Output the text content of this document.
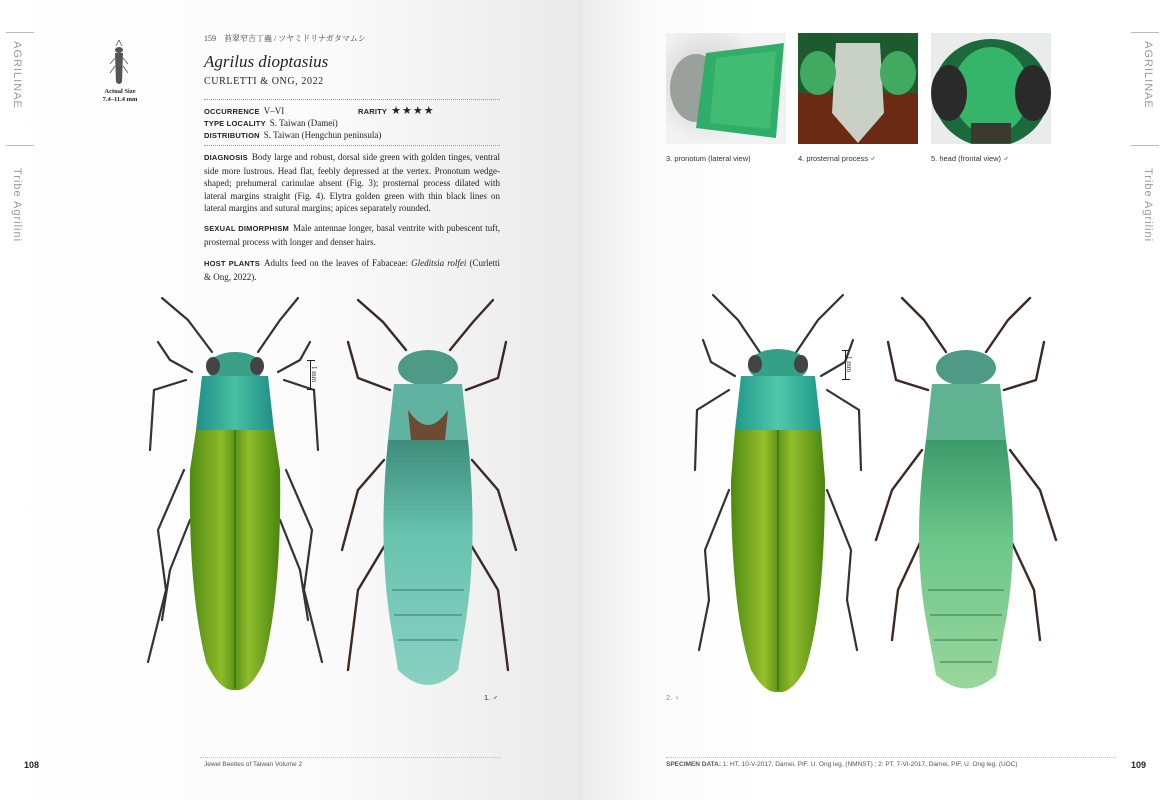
AGRILINAE
Tribe Agrilini
Actual Size
7.4–11.4 mm
159　苔翠窄吉丁蟲 / ツヤミドリナガタマムシ
Agrilus dioptasius
CURLETTI & ONG, 2022
OCCURRENCE V–VI	RARITY ★★★★
TYPE LOCALITY S. Taiwan (Damei)
DISTRIBUTION S. Taiwan (Hengchun peninsula)
DIAGNOSIS Body large and robust, dorsal side green with golden tinges, ventral side more lustrous. Head flat, feebly depressed at the vertex. Pronotum wedge-shaped; prehumeral carinulae absent (Fig. 3); prosternal process dilated with lateral margins straight (Fig. 4). Elytra golden green with thin black lines on lateral margins and sutural margins; apices separately rounded.
SEXUAL DIMORPHISM Male antennae longer, basal ventrite with pubescent tuft, prosternal process with longer and denser hairs.
HOST PLANTS Adults feed on the leaves of Fabaceae: Gleditsia rolfei (Curletti & Ong, 2022).
1 mm
1. ♂
108	Jewel Beetles of Taiwan Volume 2
AGRILINAE
Tribe Agrilini
3. pronotum (lateral view)	4. prosternal process ♂	5. head (frontal view) ♂
1 mm
2. ♀
SPECIMEN DATA: 1: HT, 10-V-2017, Damei, PIF, U. Ong leg. (NMNST) ; 2: PT, 7-VI-2017, Damei, PIF, U. Ong leg. (UOC)	109
